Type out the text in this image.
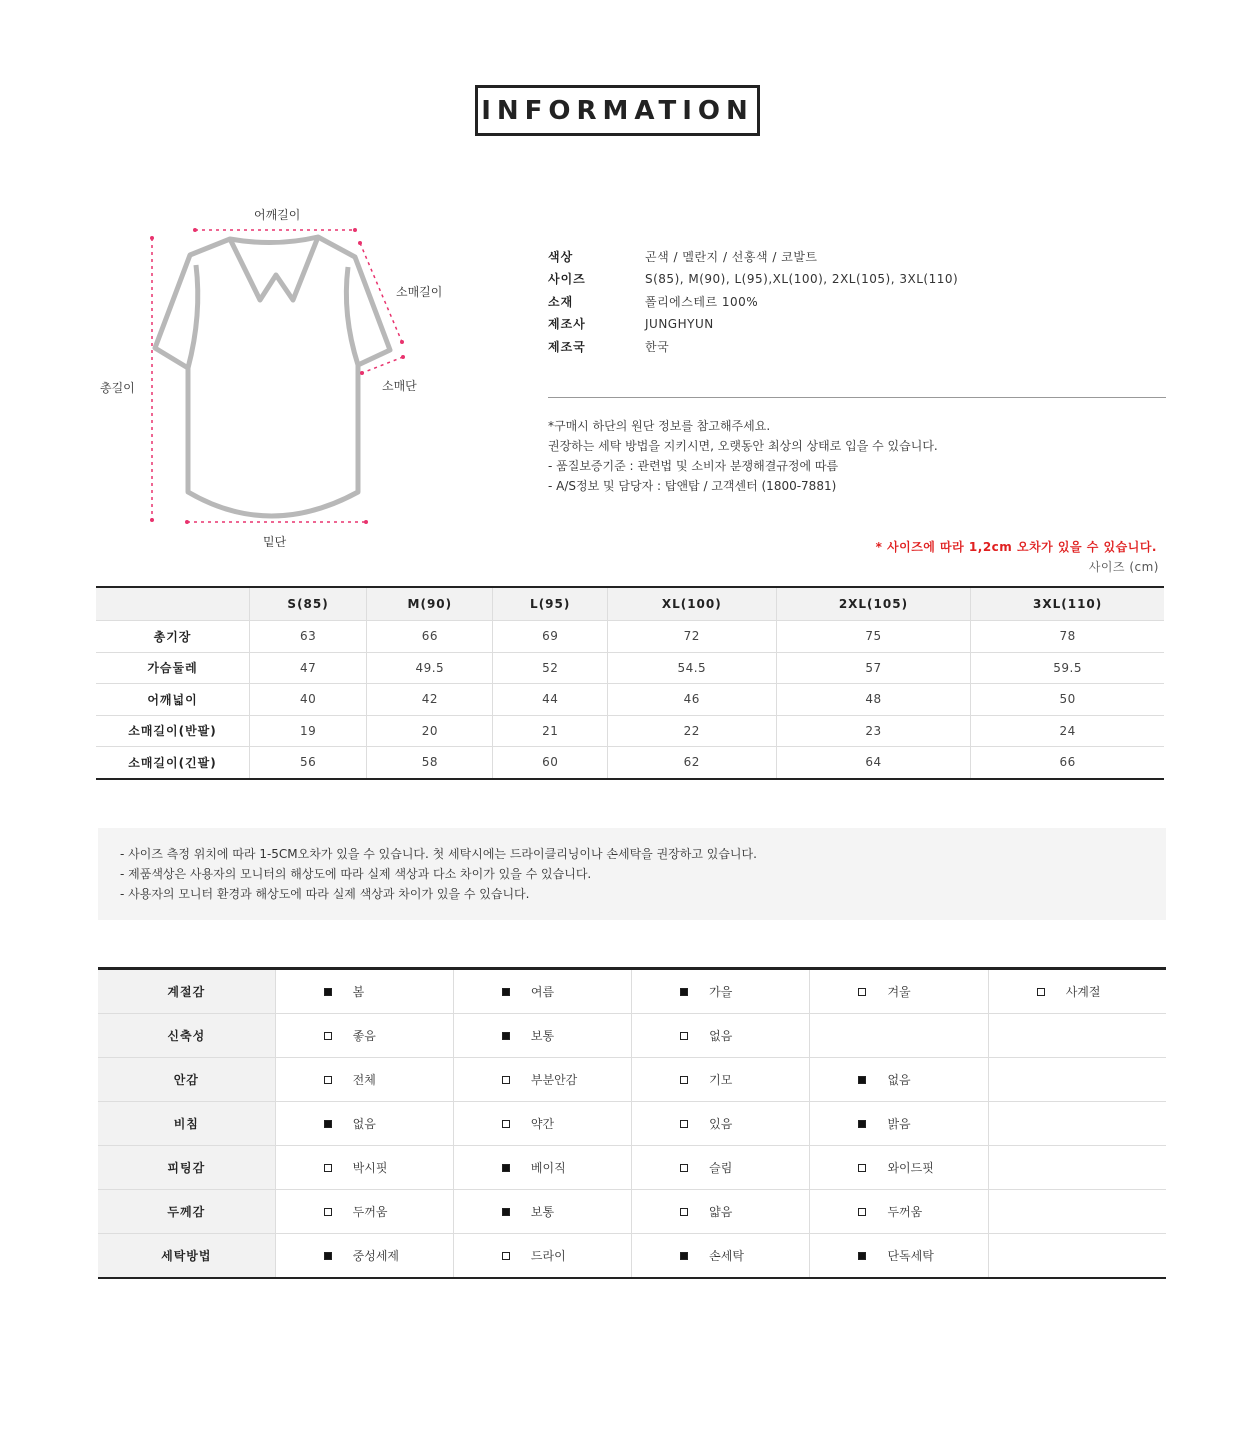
INFORMATION
어깨길이
소매길이
소매단
총길이
밑단
색상	곤색 / 멜란지 / 선홍색 / 코발트
사이즈	S(85), M(90), L(95),XL(100), 2XL(105), 3XL(110)
소재	폴리에스테르 100%
제조사	JUNGHYUN
제조국	한국
*구매시 하단의 원단 정보를 참고해주세요.
권장하는 세탁 방법을 지키시면, 오랫동안 최상의 상태로 입을 수 있습니다.
- 품질보증기준 : 관련법 및 소비자 분쟁해결규정에 따름
- A/S정보 및 담당자 : 탑앤탑 / 고객센터 (1800-7881)
* 사이즈에 따라 1,2cm 오차가 있을 수 있습니다.
사이즈 (cm)
	S(85)	M(90)	L(95)	XL(100)	2XL(105)	3XL(110)
총기장	63	66	69	72	75	78
가슴둘레	47	49.5	52	54.5	57	59.5
어깨넓이	40	42	44	46	48	50
소매길이(반팔)	19	20	21	22	23	24
소매길이(긴팔)	56	58	60	62	64	66
- 사이즈 측정 위치에 따라 1-5CM오차가 있을 수 있습니다. 첫 세탁시에는 드라이클리닝이나 손세탁을 권장하고 있습니다.
- 제품색상은 사용자의 모니터의 해상도에 따라 실제 색상과 다소 차이가 있을 수 있습니다.
- 사용자의 모니터 환경과 해상도에 따라 실제 색상과 차이가 있을 수 있습니다.
계절감	봄	여름	가을	겨울	사계절

신축성	좋음	보통	없음		

안감	전체	부분안감	기모	없음	

비침	없음	약간	있음	밝음	

피팅감	박시핏	베이직	슬림	와이드핏	

두께감	두꺼움	보통	얇음	두꺼움	

세탁방법	중성세제	드라이	손세탁	단독세탁	
